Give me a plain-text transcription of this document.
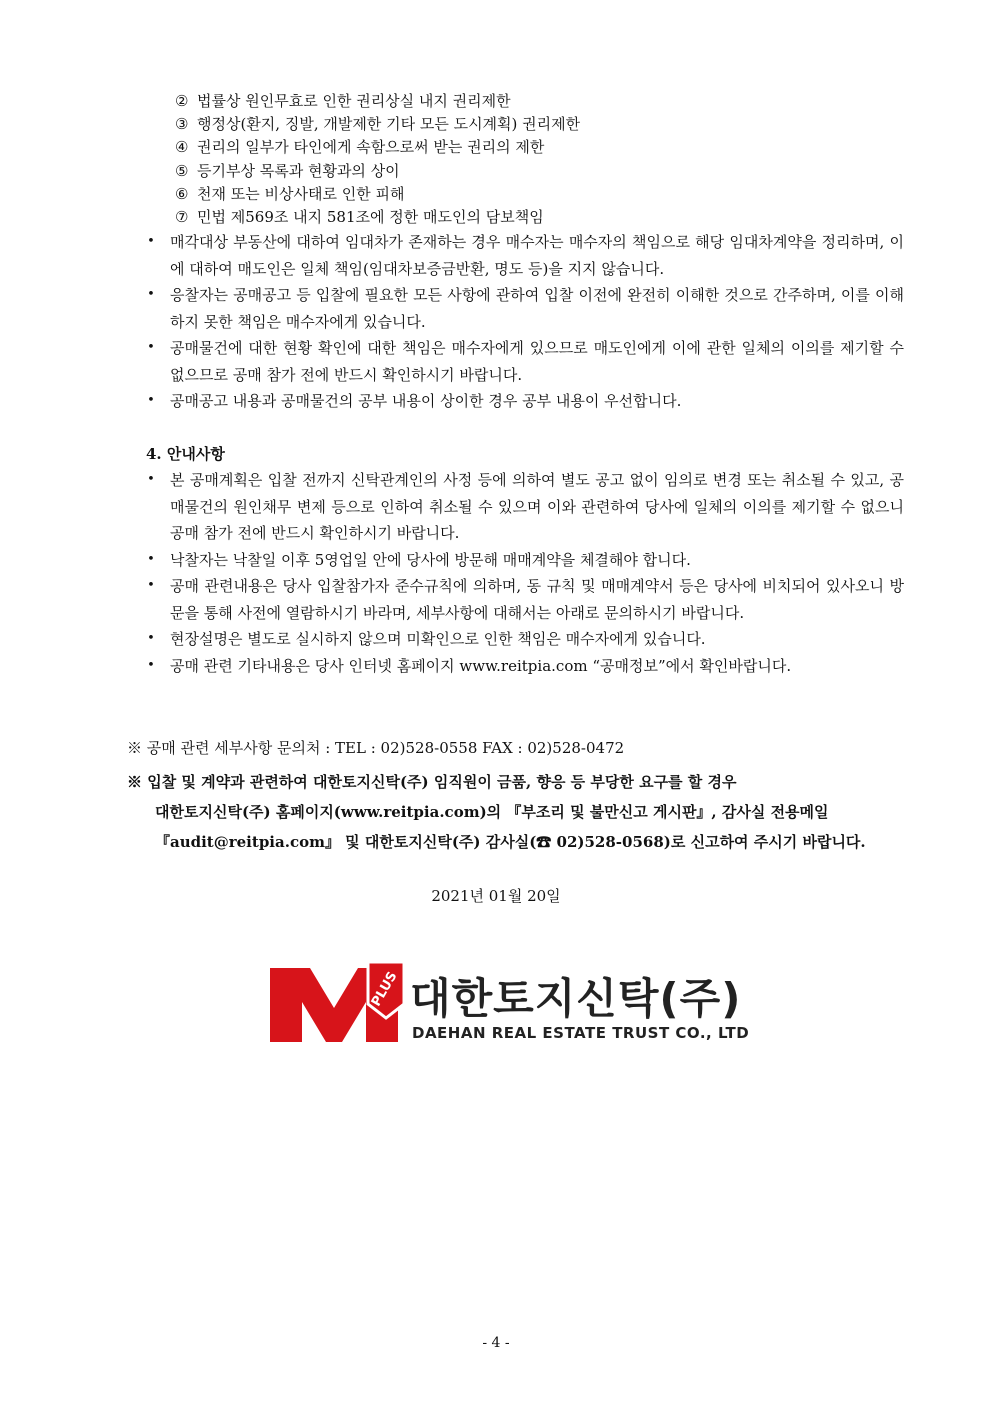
② 법률상 원인무효로 인한 권리상실 내지 권리제한
③ 행정상(환지, 징발, 개발제한 기타 모든 도시계획) 권리제한
④ 권리의 일부가 타인에게 속함으로써 받는 권리의 제한
⑤ 등기부상 목록과 현황과의 상이
⑥ 천재 또는 비상사태로 인한 피해
⑦ 민법 제569조 내지 581조에 정한 매도인의 담보책임
• 매각대상 부동산에 대하여 임대차가 존재하는 경우 매수자는 매수자의 책임으로 해당 임대차계약을 정리하며, 이에 대하여 매도인은 일체 책임(임대차보증금반환, 명도 등)을 지지 않습니다.
• 응찰자는 공매공고 등 입찰에 필요한 모든 사항에 관하여 입찰 이전에 완전히 이해한 것으로 간주하며, 이를 이해하지 못한 책임은 매수자에게 있습니다.
• 공매물건에 대한 현황 확인에 대한 책임은 매수자에게 있으므로 매도인에게 이에 관한 일체의 이의를 제기할 수 없으므로 공매 참가 전에 반드시 확인하시기 바랍니다.
• 공매공고 내용과 공매물건의 공부 내용이 상이한 경우 공부 내용이 우선합니다.
4. 안내사항
• 본 공매계획은 입찰 전까지 신탁관계인의 사정 등에 의하여 별도 공고 없이 임의로 변경 또는 취소될 수 있고, 공매물건의 원인채무 변제 등으로 인하여 취소될 수 있으며 이와 관련하여 당사에 일체의 이의를 제기할 수 없으니 공매 참가 전에 반드시 확인하시기 바랍니다.
• 낙찰자는 낙찰일 이후 5영업일 안에 당사에 방문해 매매계약을 체결해야 합니다.
• 공매 관련내용은 당사 입찰참가자 준수규칙에 의하며, 동 규칙 및 매매계약서 등은 당사에 비치되어 있사오니 방문을 통해 사전에 열람하시기 바라며, 세부사항에 대해서는 아래로 문의하시기 바랍니다.
• 현장설명은 별도로 실시하지 않으며 미확인으로 인한 책임은 매수자에게 있습니다.
• 공매 관련 기타내용은 당사 인터넷 홈페이지 www.reitpia.com “공매정보”에서 확인바랍니다.
※ 공매 관련 세부사항 문의처 : TEL : 02)528-0558 FAX : 02)528-0472
※ 입찰 및 계약과 관련하여 대한토지신탁(주) 임직원이 금품, 향응 등 부당한 요구를 할 경우
대한토지신탁(주) 홈페이지(www.reitpia.com)의 『부조리 및 불만신고 게시판』, 감사실 전용메일
『audit@reitpia.com』 및 대한토지신탁(주) 감사실(☎ 02)528-0568)로 신고하여 주시기 바랍니다.
2021년 01월 20일
PLUS 대한토지신탁(주)
DAEHAN REAL ESTATE TRUST CO., LTD
- 4 -
